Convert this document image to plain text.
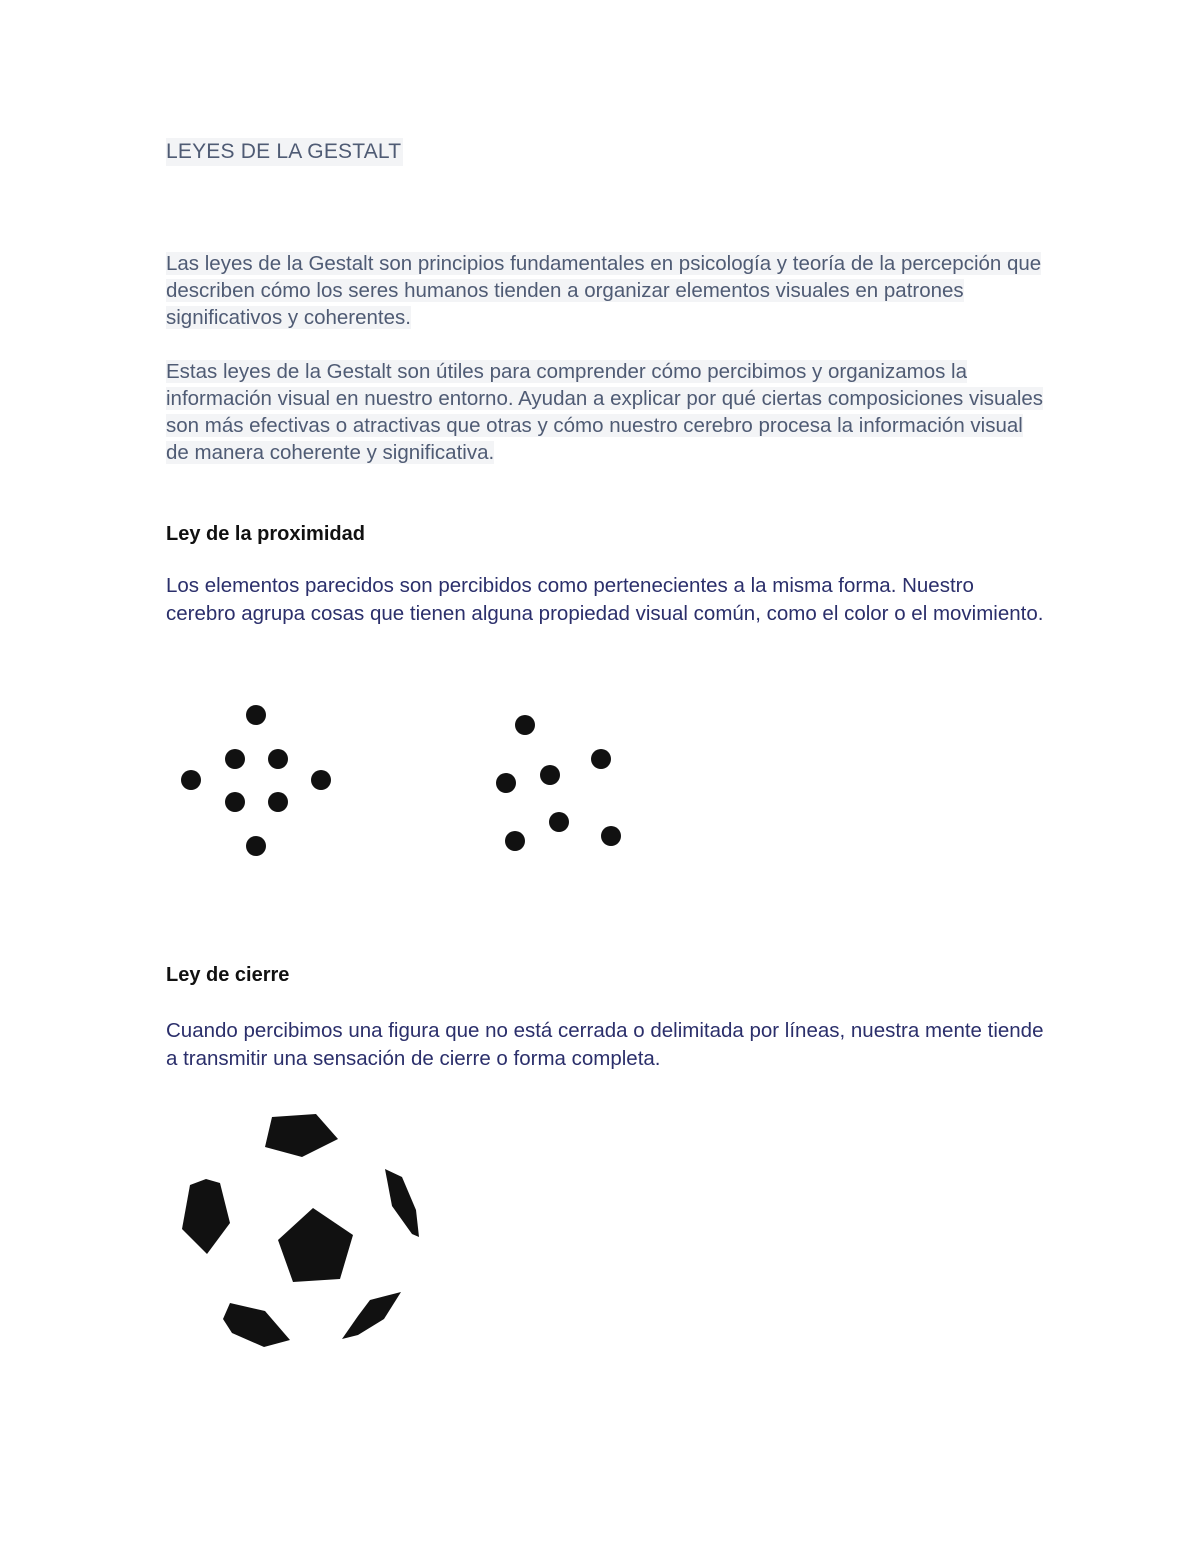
LEYES DE LA GESTALT

Las leyes de la Gestalt son principios fundamentales en psicología y teoría de la percepción que describen cómo los seres humanos tienden a organizar elementos visuales en patrones significativos y coherentes.

Estas leyes de la Gestalt son útiles para comprender cómo percibimos y organizamos la información visual en nuestro entorno. Ayudan a explicar por qué ciertas composiciones visuales son más efectivas o atractivas que otras y cómo nuestro cerebro procesa la información visual de manera coherente y significativa.

Ley de la proximidad

Los elementos parecidos son percibidos como pertenecientes a la misma forma. Nuestro cerebro agrupa cosas que tienen alguna propiedad visual común, como el color o el movimiento.

Ley de cierre

Cuando percibimos una figura que no está cerrada o delimitada por líneas, nuestra mente tiende a transmitir una sensación de cierre o forma completa.
